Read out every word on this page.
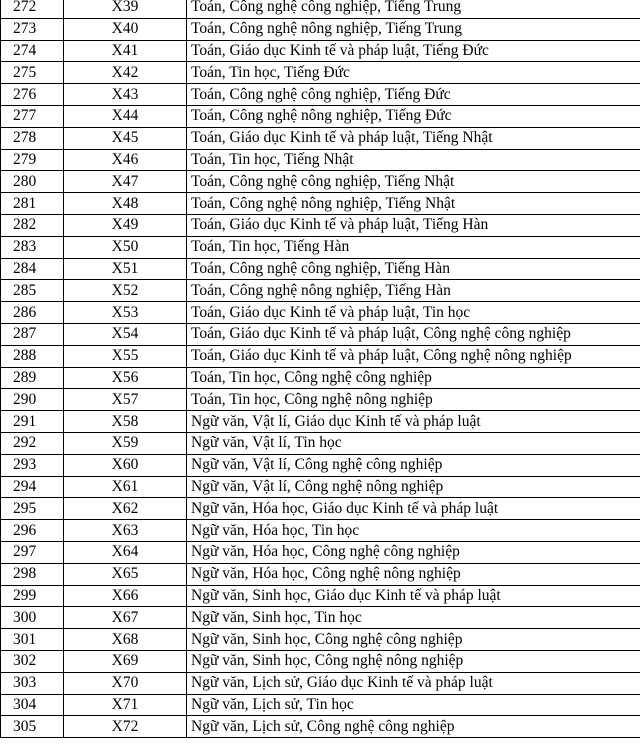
272	X39	Toán, Công nghệ công nghiệp, Tiếng Trung
273	X40	Toán, Công nghệ nông nghiệp, Tiếng Trung
274	X41	Toán, Giáo dục Kinh tế và pháp luật, Tiếng Đức
275	X42	Toán, Tin học, Tiếng Đức
276	X43	Toán, Công nghệ công nghiệp, Tiếng Đức
277	X44	Toán, Công nghệ nông nghiệp, Tiếng Đức
278	X45	Toán, Giáo dục Kinh tế và pháp luật, Tiếng Nhật
279	X46	Toán, Tin học, Tiếng Nhật
280	X47	Toán, Công nghệ công nghiệp, Tiếng Nhật
281	X48	Toán, Công nghệ nông nghiệp, Tiếng Nhật
282	X49	Toán, Giáo dục Kinh tế và pháp luật, Tiếng Hàn
283	X50	Toán, Tin học, Tiếng Hàn
284	X51	Toán, Công nghệ công nghiệp, Tiếng Hàn
285	X52	Toán, Công nghệ nông nghiệp, Tiếng Hàn
286	X53	Toán, Giáo dục Kinh tế và pháp luật, Tin học
287	X54	Toán, Giáo dục Kinh tế và pháp luật, Công nghệ công nghiệp
288	X55	Toán, Giáo dục Kinh tế và pháp luật, Công nghệ nông nghiệp
289	X56	Toán, Tin học, Công nghệ công nghiệp
290	X57	Toán, Tin học, Công nghệ nông nghiệp
291	X58	Ngữ văn, Vật lí, Giáo dục Kinh tế và pháp luật
292	X59	Ngữ văn, Vật lí, Tin học
293	X60	Ngữ văn, Vật lí, Công nghệ công nghiệp
294	X61	Ngữ văn, Vật lí, Công nghệ nông nghiệp
295	X62	Ngữ văn, Hóa học, Giáo dục Kinh tế và pháp luật
296	X63	Ngữ văn, Hóa học, Tin học
297	X64	Ngữ văn, Hóa học, Công nghệ công nghiệp
298	X65	Ngữ văn, Hóa học, Công nghệ nông nghiệp
299	X66	Ngữ văn, Sinh học, Giáo dục Kinh tế và pháp luật
300	X67	Ngữ văn, Sinh học, Tin học
301	X68	Ngữ văn, Sinh học, Công nghệ công nghiệp
302	X69	Ngữ văn, Sinh học, Công nghệ nông nghiệp
303	X70	Ngữ văn, Lịch sử, Giáo dục Kinh tế và pháp luật
304	X71	Ngữ văn, Lịch sử, Tin học
305	X72	Ngữ văn, Lịch sử, Công nghệ công nghiệp
